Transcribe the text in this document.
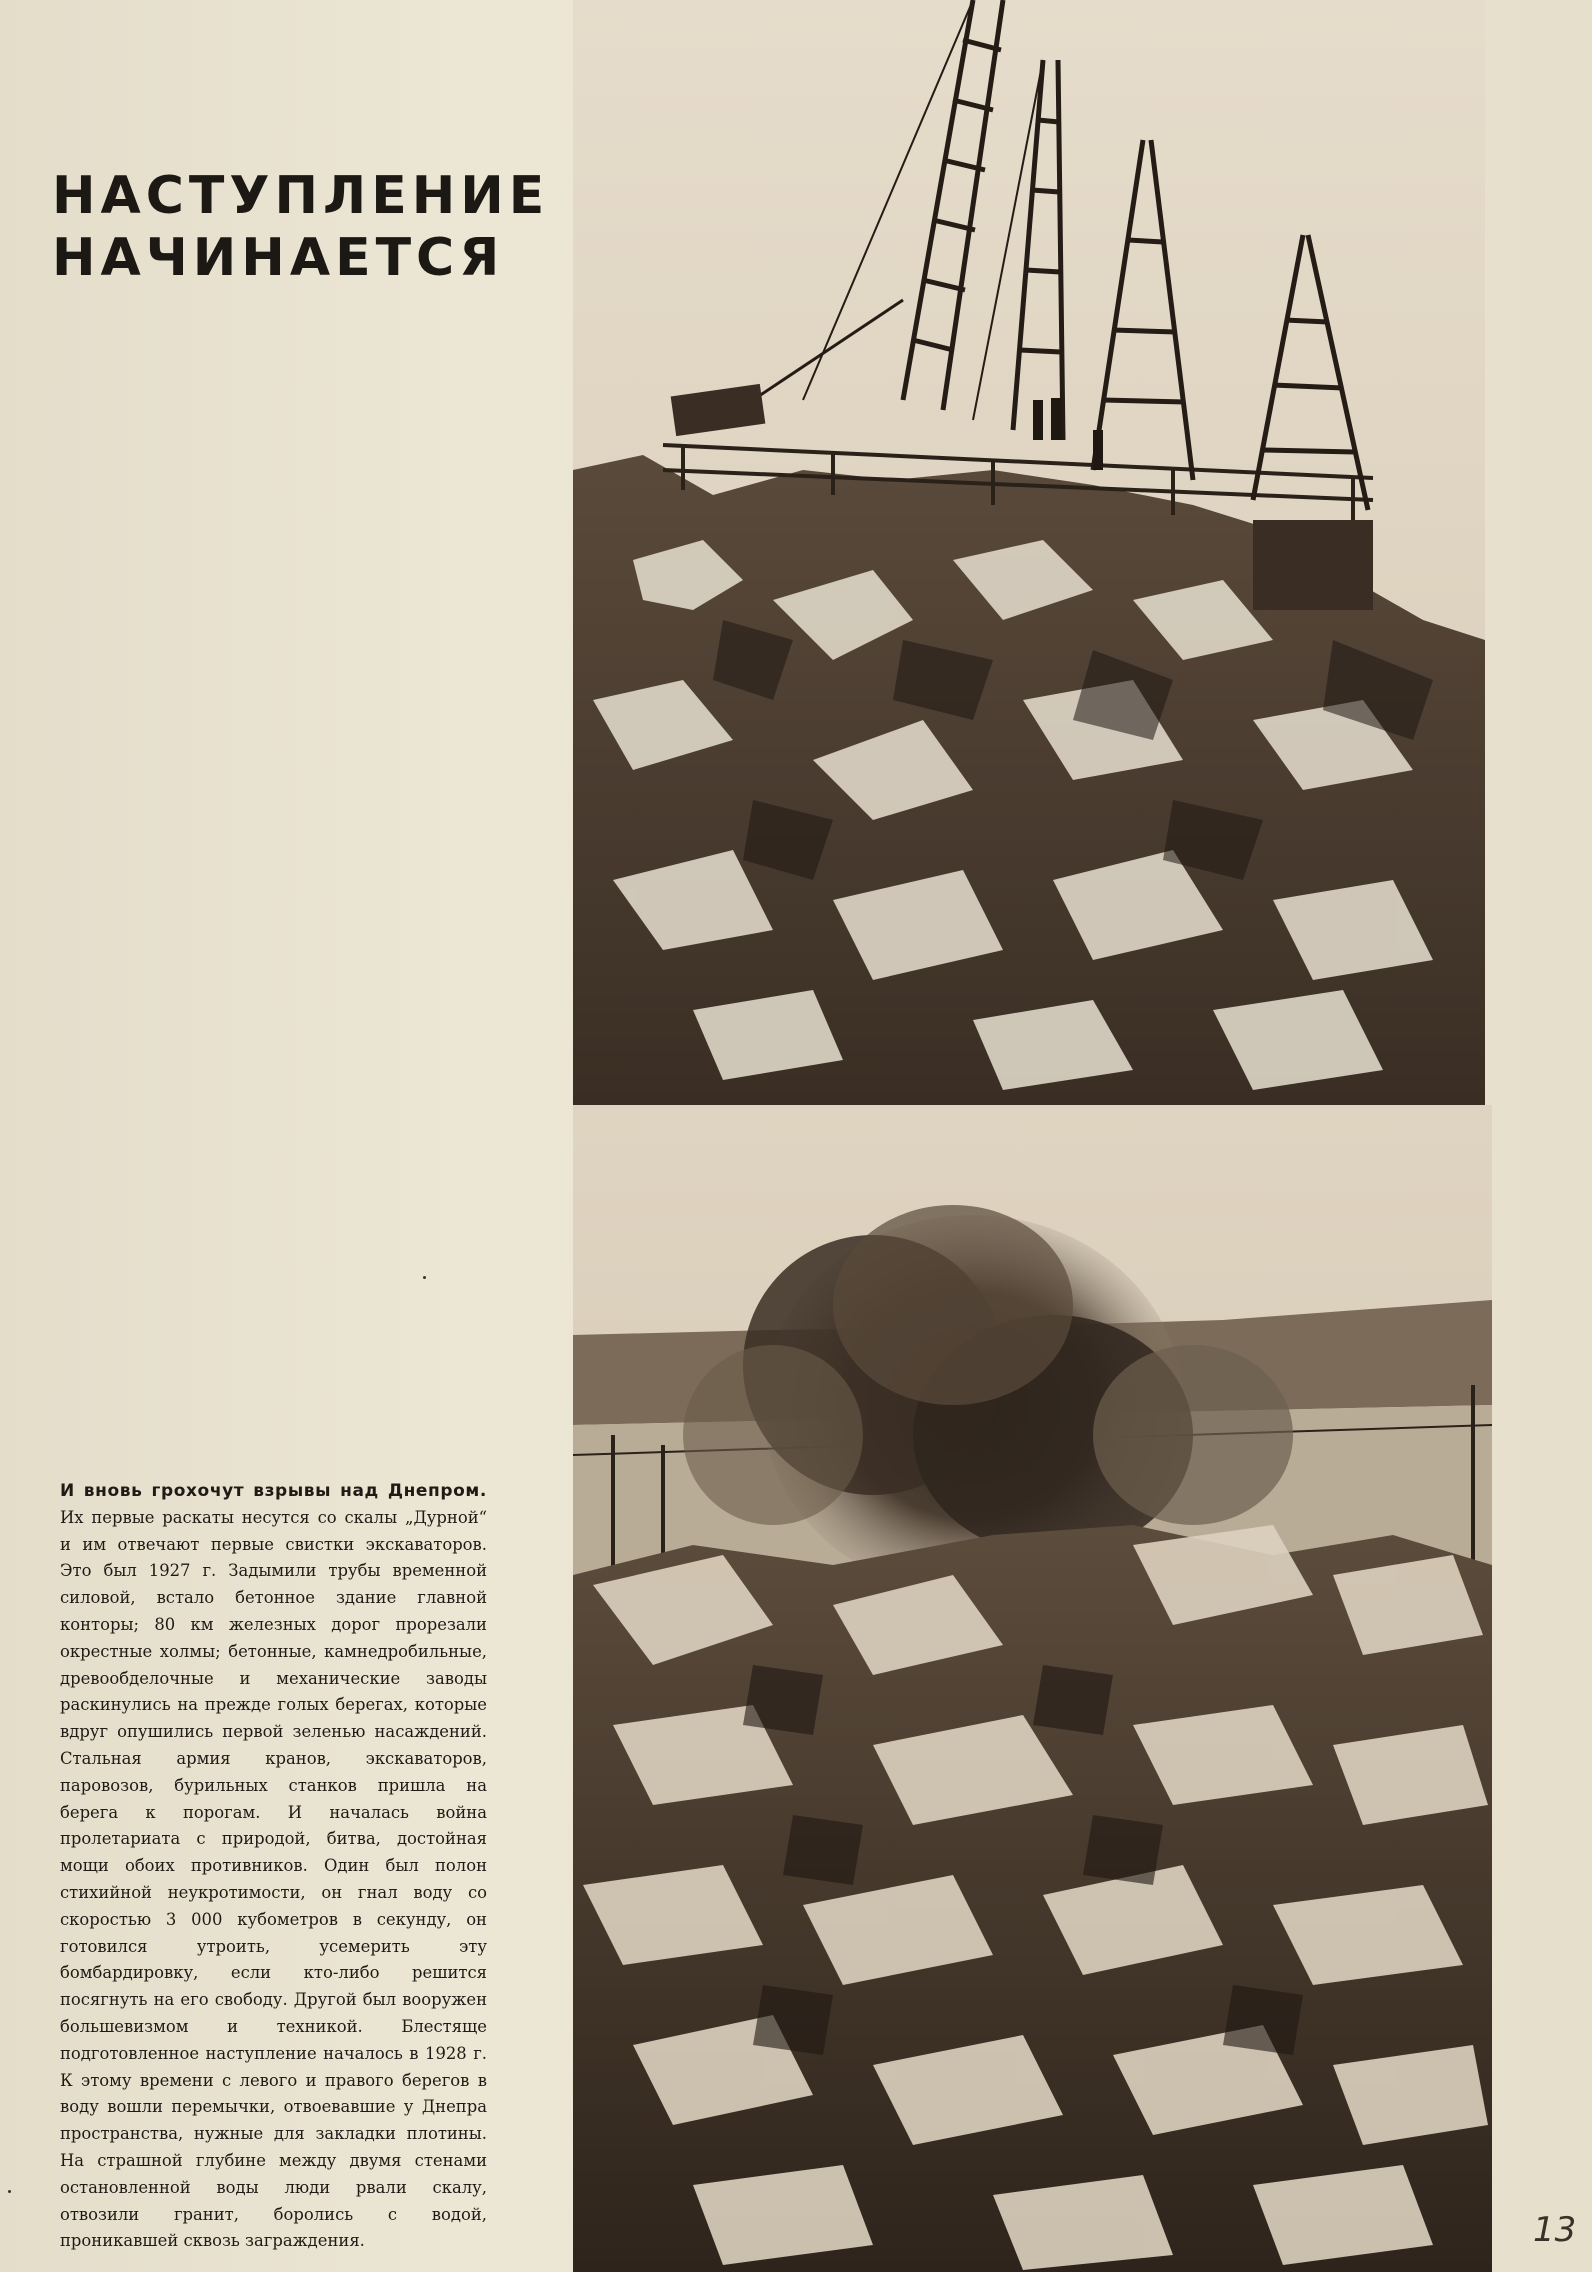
НАСТУПЛЕНИЕ
НАЧИНАЕТСЯ

И вновь грохочут взрывы над Днепром. Их первые раскаты несутся со скалы „Дурной“ и им отвечают первые свистки экскаваторов. Это был 1927 г. Задымили трубы временной силовой, встало бетонное здание главной конторы; 80 км железных дорог прорезали окрестные холмы; бетонные, камнедробильные, древообделочные и механические заводы раскинулись на прежде голых берегах, которые вдруг опушились первой зеленью насаждений. Стальная армия кранов, экскаваторов, паровозов, бурильных станков пришла на берега к порогам. И началась война пролетариата с природой, битва, достойная мощи обоих противников. Один был полон стихийной неукротимости, он гнал воду со скоростью 3 000 кубометров в секунду, он готовился утроить, усемерить эту бомбардировку, если кто-либо решится посягнуть на его свободу. Другой был вооружен большевизмом и техникой. Блестяще подготовленное наступление началось в 1928 г. К этому времени с левого и правого берегов в воду вошли перемычки, отвоевавшие у Днепра пространства, нужные для закладки плотины. На страшной глубине между двумя стенами остановленной воды люди рвали скалу, отвозили гранит, боролись с водой, проникавшей сквозь заграждения.	13
